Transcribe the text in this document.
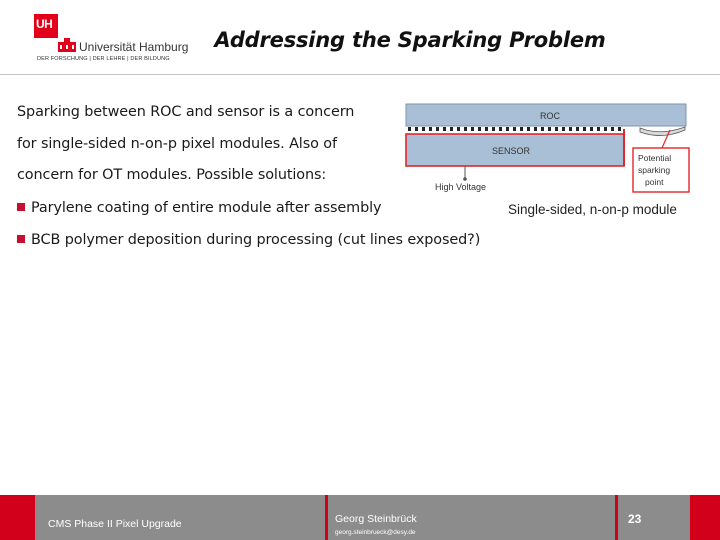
UH
Universität Hamburg
DER FORSCHUNG | DER LEHRE | DER BILDUNG
Addressing the Sparking Problem
Sparking between ROC and sensor is a concern
for single-sided n-on-p pixel modules. Also of
concern for OT modules. Possible solutions:
Parylene coating of entire module after assembly
BCB polymer deposition during processing (cut lines exposed?)
ROC
SENSOR
High Voltage
Potential
sparking
point
Single-sided, n-on-p module
CMS Phase II Pixel Upgrade	Georg Steinbrück
georg.steinbrueck@desy.de
23
